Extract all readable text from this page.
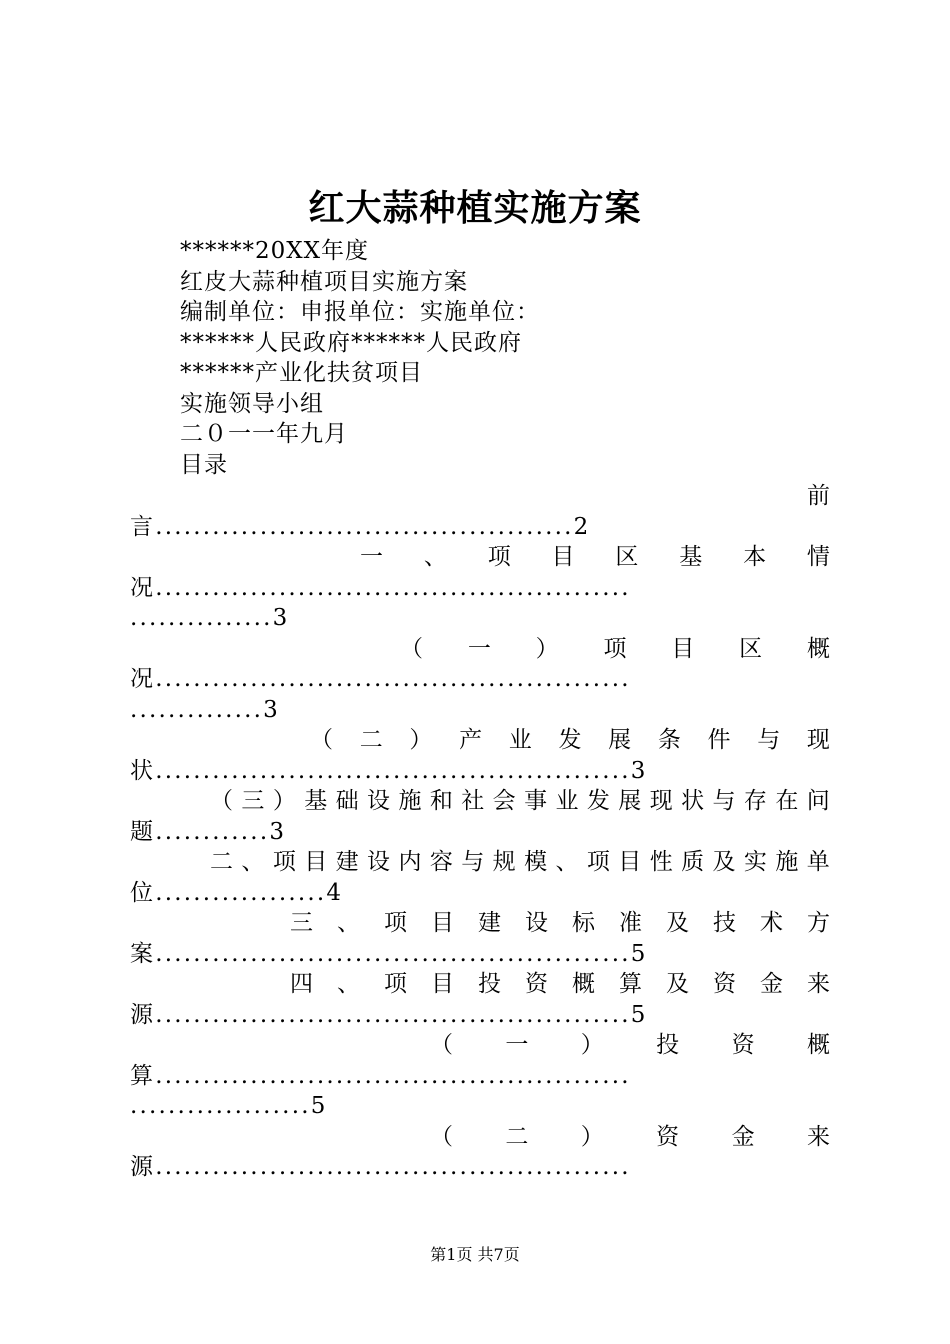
红大蒜种植实施方案
******20XX年度
红皮大蒜种植项目实施方案
编制单位：申报单位：实施单位：
******人民政府******人民政府
******产业化扶贫项目
实施领导小组
二０一一年九月
目录
前
言............................................2
一 、 项 目 区 基 本 情
况..................................................
...............3
（ 一 ） 项 目 区 概
况..................................................
..............3
（ 二 ） 产 业 发 展 条 件 与 现
状..................................................3
（ 三 ） 基 础 设 施 和 社 会 事 业 发 展 现 状 与 存 在 问
题............3
二 、 项 目 建 设 内 容 与 规 模 、 项 目 性 质 及 实 施 单
位..................4
三 、 项 目 建 设 标 准 及 技 术 方
案..................................................5
四 、 项 目 投 资 概 算 及 资 金 来
源..................................................5
（ 一 ） 投 资 概
算..................................................
...................5
（ 二 ） 资 金 来
源..................................................
第1页 共7页
